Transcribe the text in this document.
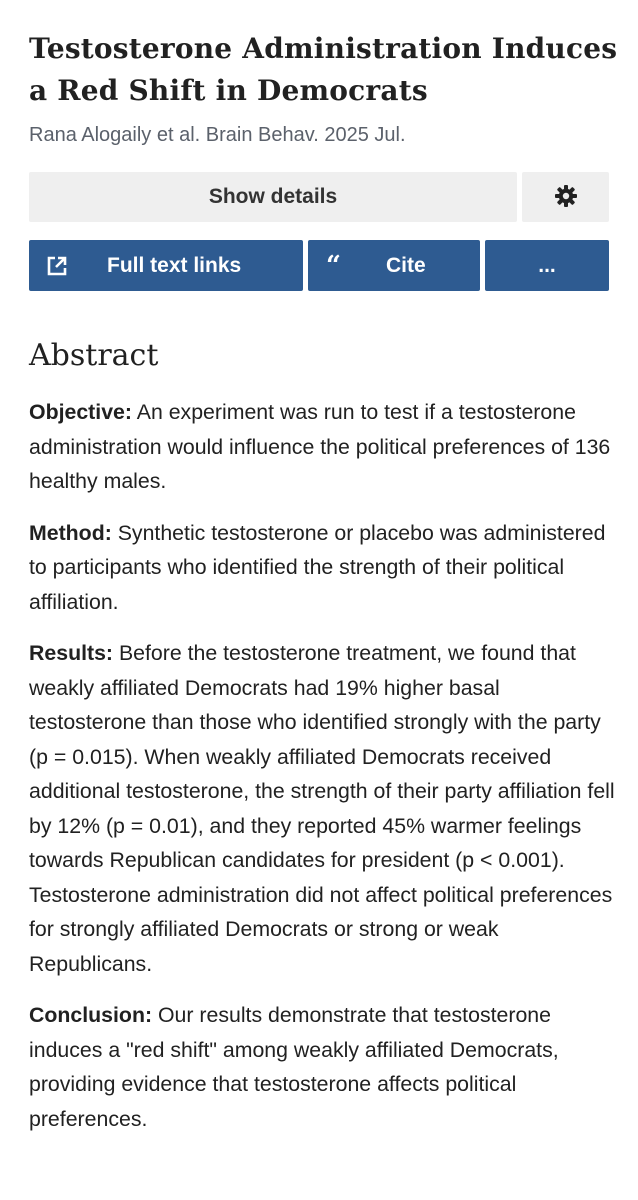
Testosterone Administration Induces a Red Shift in Democrats
Rana Alogaily et al. Brain Behav. 2025 Jul.
Show details
Full text links	“ Cite	...
Abstract

Objective: An experiment was run to test if a testosterone administration would influence the political preferences of 136 healthy males.

Method: Synthetic testosterone or placebo was administered to participants who identified the strength of their political affiliation.

Results: Before the testosterone treatment, we found that weakly affiliated Democrats had 19% higher basal testosterone than those who identified strongly with the party (p = 0.015). When weakly affiliated Democrats received additional testosterone, the strength of their party affiliation fell by 12% (p = 0.01), and they reported 45% warmer feelings towards Republican candidates for president (p < 0.001). Testosterone administration did not affect political preferences for strongly affiliated Democrats or strong or weak Republicans.

Conclusion: Our results demonstrate that testosterone induces a "red shift" among weakly affiliated Democrats, providing evidence that testosterone affects political preferences.
